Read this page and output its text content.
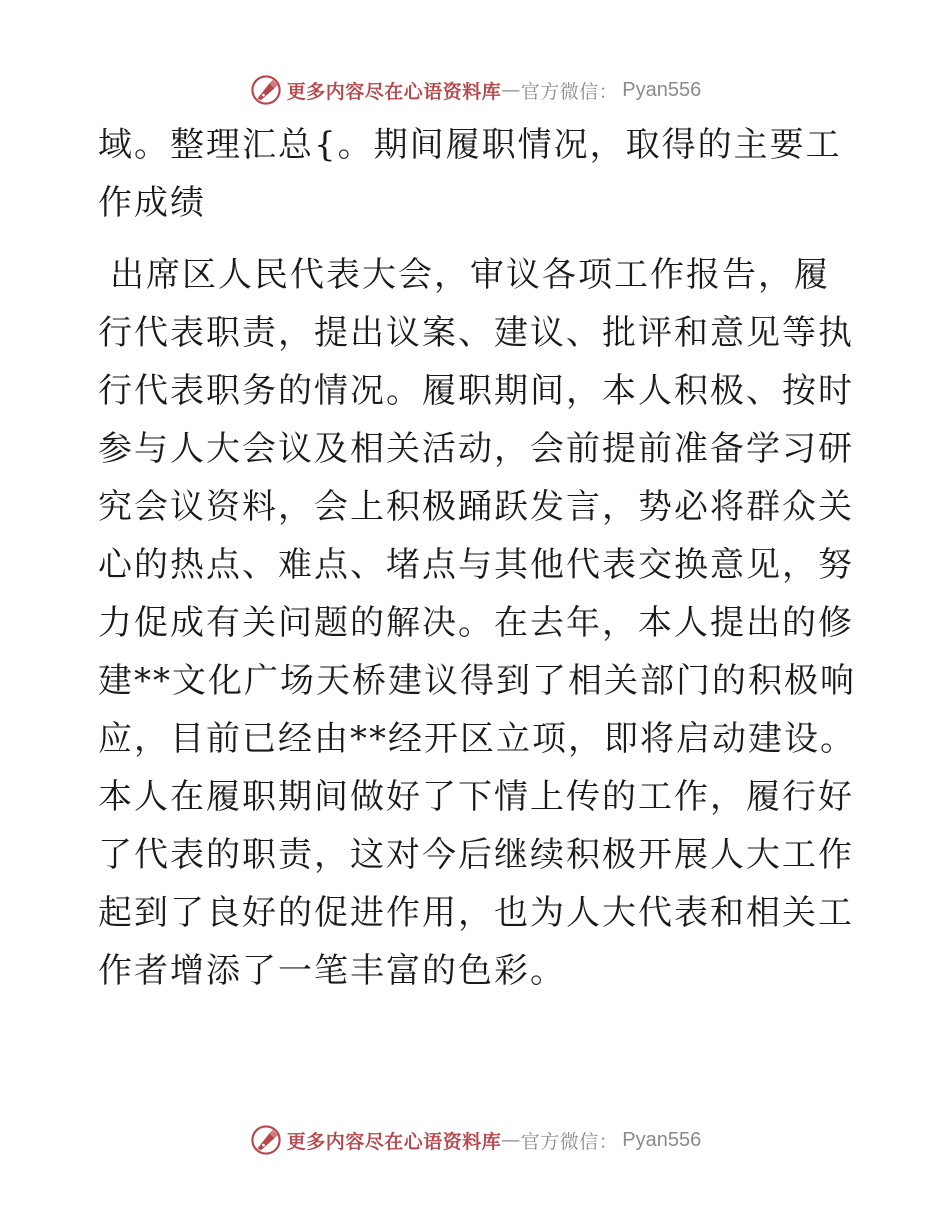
更多内容尽在心语资料库 — 官方微信： Pyan556

域。整理汇总{。期间履职情况，取得的主要工作成绩

出席区人民代表大会，审议各项工作报告，履行代表职责，提出议案、建议、批评和意见等执行代表职务的情况。履职期间，本人积极、按时参与人大会议及相关活动，会前提前准备学习研究会议资料，会上积极踊跃发言，势必将群众关心的热点、难点、堵点与其他代表交换意见，努力促成有关问题的解决。在去年，本人提出的修建**文化广场天桥建议得到了相关部门的积极响应，目前已经由**经开区立项，即将启动建设。本人在履职期间做好了下情上传的工作，履行好了代表的职责，这对今后继续积极开展人大工作起到了良好的促进作用，也为人大代表和相关工作者增添了一笔丰富的色彩。

更多内容尽在心语资料库 — 官方微信： Pyan556
